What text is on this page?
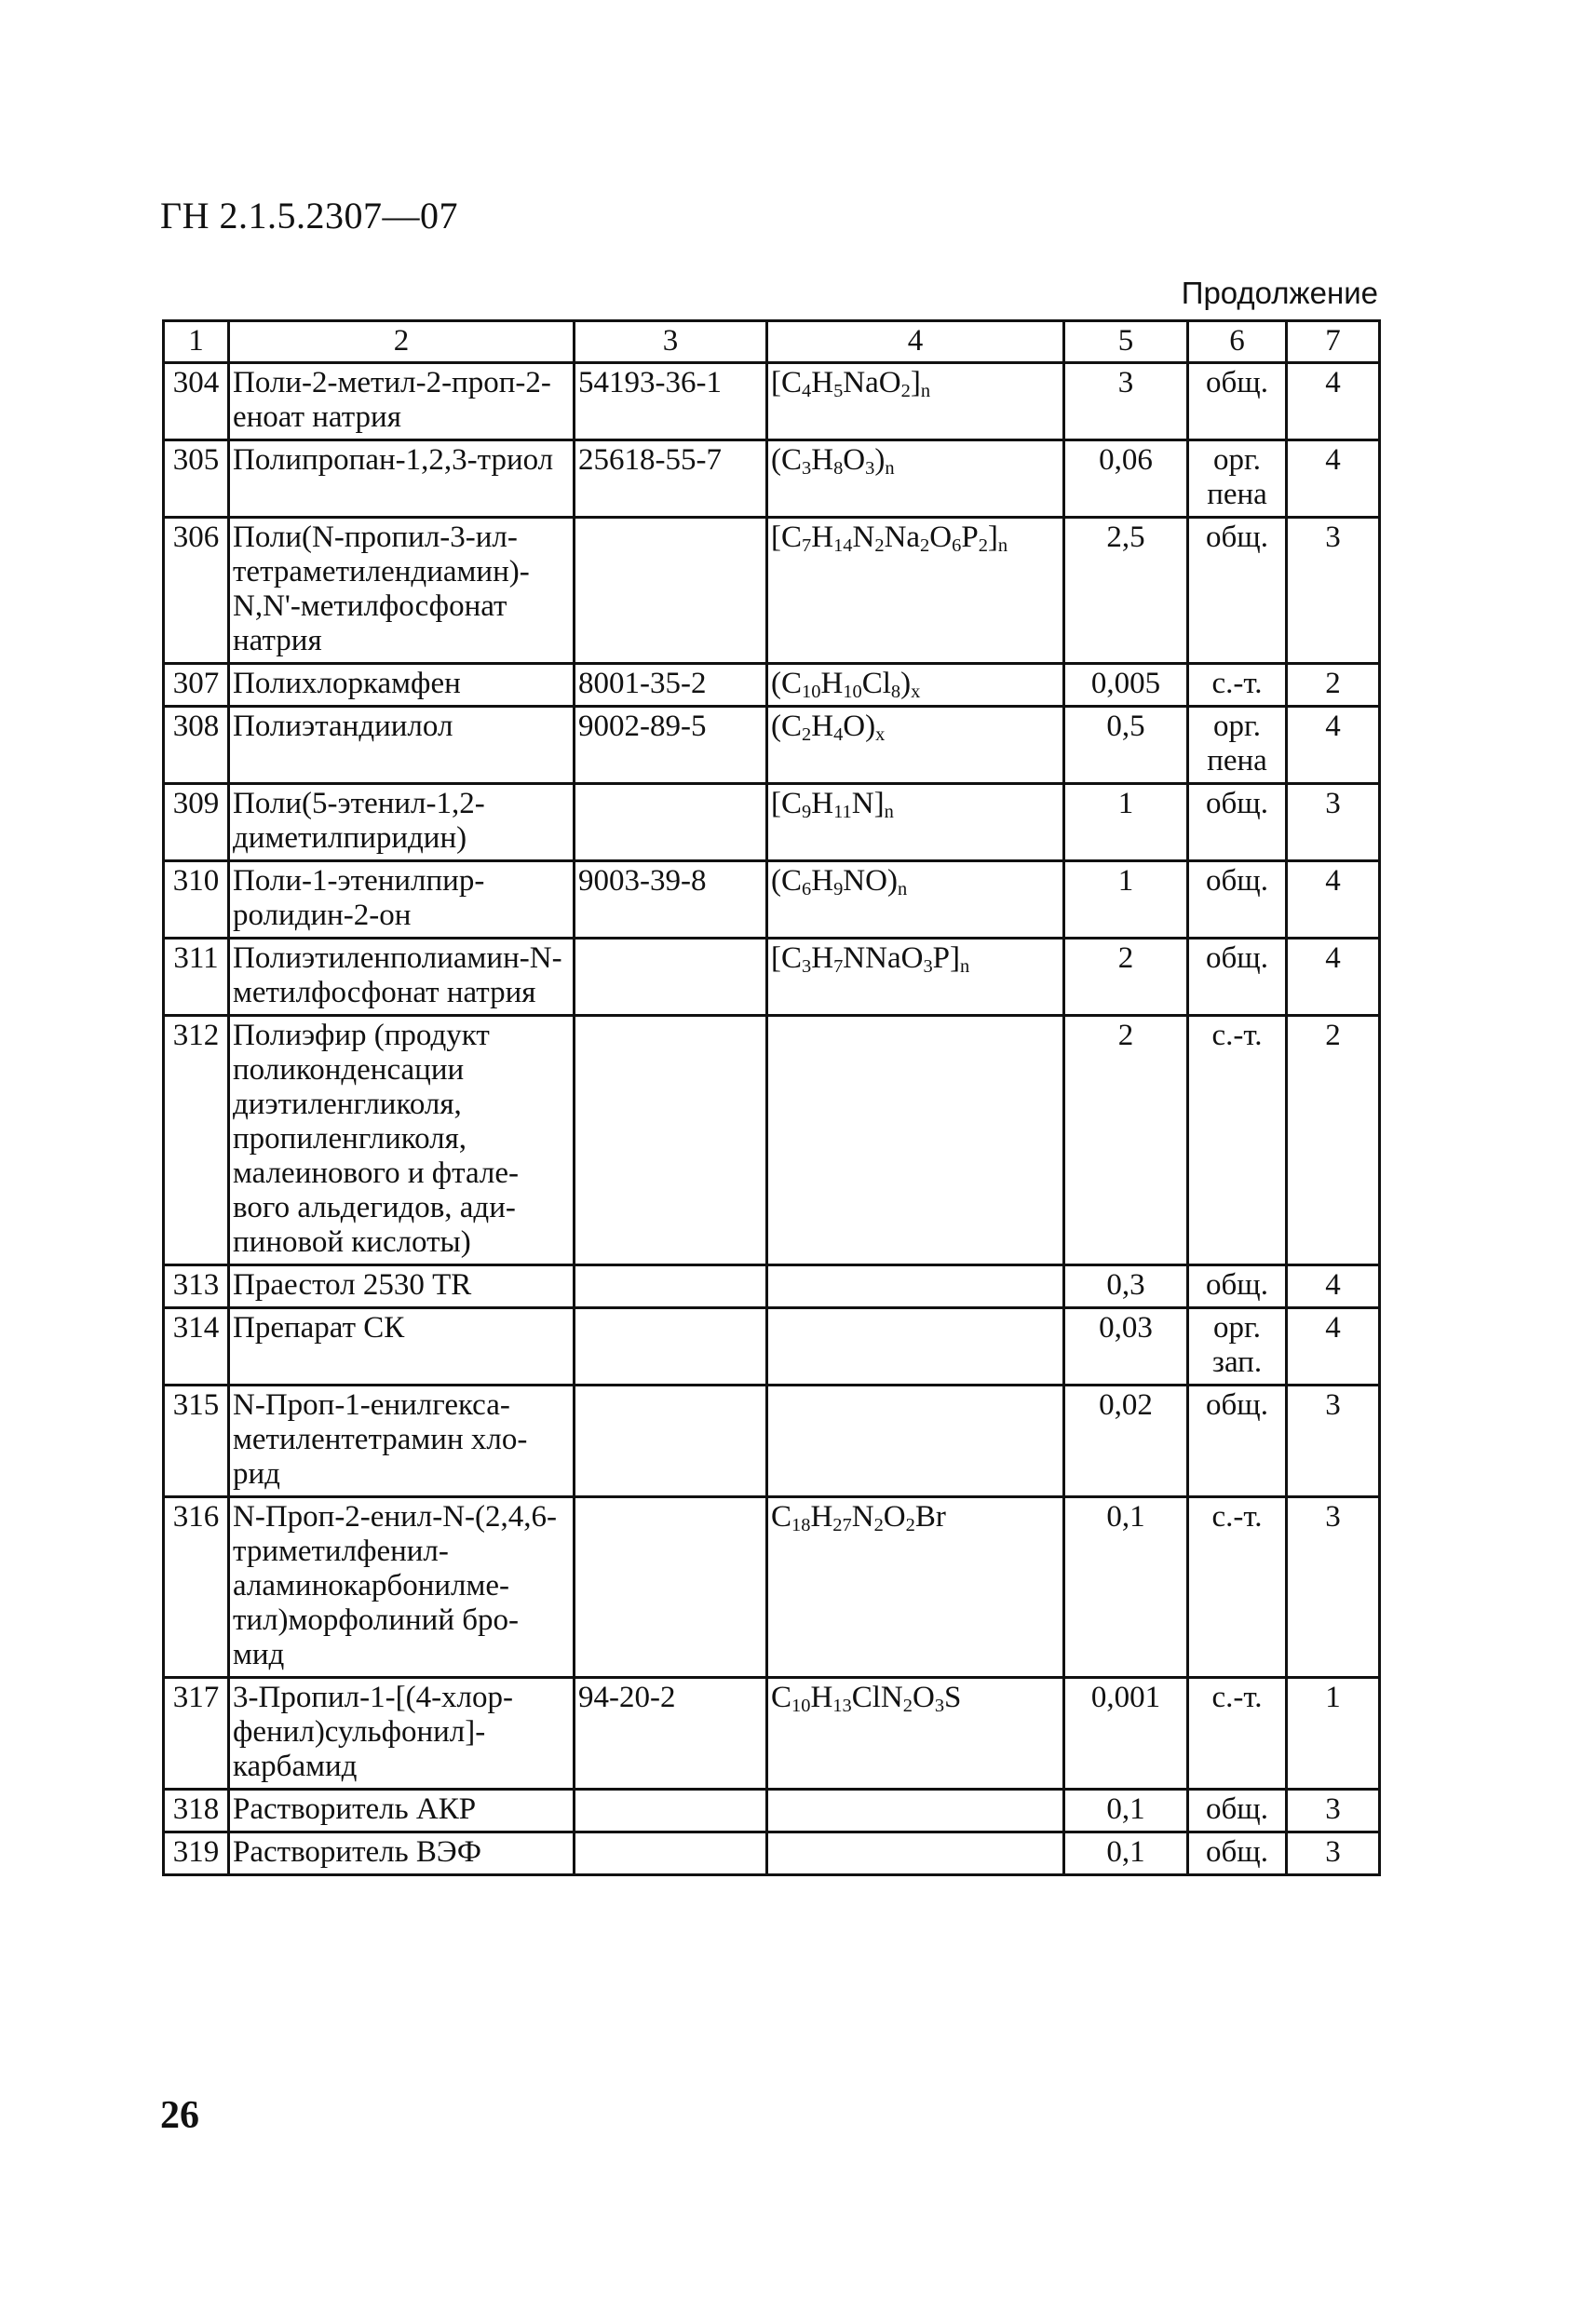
ГН 2.1.5.2307—07
Продолжение
1	2	3	4	5	6	7
304	Поли-2-метил-2-проп-2-еноат натрия	54193-36-1	$[C_4H_5NaO_2]_n$	3	общ.	4
305	Полипропан-1,2,3-триол	25618-55-7	$(C_3H_8O_3)_n$	0,06	орг. пена	4
306	Поли(N-пропил-3-ил-тетраметилендиамин)-N,N'-метилфосфонат натрия		$[C_7H_{14}N_2Na_2O_6P_2]_n$	2,5	общ.	3
307	Полихлоркамфен	8001-35-2	$(C_{10}H_{10}Cl_8)_x$	0,005	с.-т.	2
308	Полиэтандиилол	9002-89-5	$(C_2H_4O)_x$	0,5	орг. пена	4
309	Поли(5-этенил-1,2-диметилпиридин)		$[C_9H_{11}N]_n$	1	общ.	3
310	Поли-1-этенилпир-ролидин-2-он	9003-39-8	$(C_6H_9NO)_n$	1	общ.	4
311	Полиэтиленполиамин-N-метилфосфонат натрия		$[C_3H_7NNaO_3P]_n$	2	общ.	4
312	Полиэфир (продукт поликонденсации диэтиленгликоля, пропиленгликоля, малеинового и фтале-вого альдегидов, ади-пиновой кислоты)			2	с.-т.	2
313	Праестол 2530 TR			0,3	общ.	4
314	Препарат СК			0,03	орг. зап.	4
315	N-Проп-1-енилгекса-метилентетрамин хло-рид			0,02	общ.	3
316	N-Проп-2-енил-N-(2,4,6-триметилфенил-аламинокарбонилме-тил)морфолиний бро-мид		$C_{18}H_{27}N_2O_2Br$	0,1	с.-т.	3
317	3-Пропил-1-[(4-хлор-фенил)сульфонил]-карбамид	94-20-2	$C_{10}H_{13}ClN_2O_3S$	0,001	с.-т.	1
318	Растворитель АКР			0,1	общ.	3
319	Растворитель ВЭФ			0,1	общ.	3
26
